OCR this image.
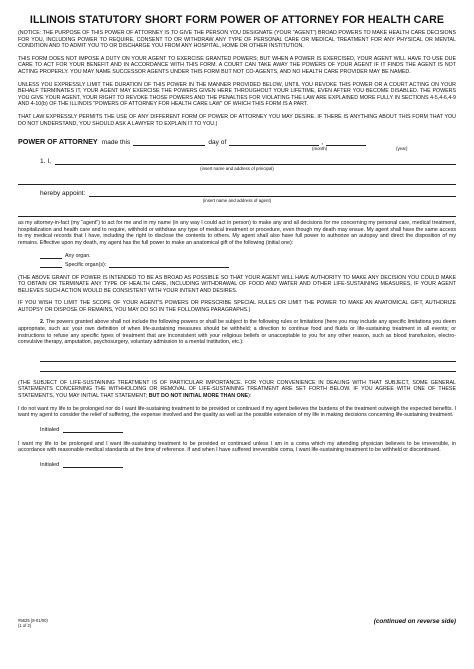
ILLINOIS STATUTORY SHORT FORM POWER OF ATTORNEY FOR HEALTH CARE

(NOTICE: THE PURPOSE OF THIS POWER OF ATTORNEY IS TO GIVE THE PERSON YOU DESIGNATE (YOUR "AGENT") BROAD POWERS TO MAKE HEALTH CARE DECISIONS FOR YOU, INCLUDING POWER TO REQUIRE, CONSENT TO OR WITHDRAW ANY TYPE OF PERSONAL CARE OR MEDICAL TREATMENT FOR ANY PHYSICAL OR MENTAL CONDITION AND TO ADMIT YOU TO OR DISCHARGE YOU FROM ANY HOSPITAL, HOME OR OTHER INSTITUTION.

THIS FORM DOES NOT IMPOSE A DUTY ON YOUR AGENT TO EXERCISE GRANTED POWERS; BUT WHEN A POWER IS EXERCISED, YOUR AGENT WILL HAVE TO USE DUE CARE TO ACT FOR YOUR BENEFIT AND IN ACCORDANCE WITH THIS FORM. A COURT CAN TAKE AWAY THE POWERS OF YOUR AGENT IF IT FINDS THE AGENT IS NOT ACTING PROPERLY. YOU MAY NAME SUCCESSOR AGENTS UNDER THIS FORM BUT NOT CO-AGENTS, AND NO HEALTH CARE PROVIDER MAY BE NAMED.

UNLESS YOU EXPRESSLY LIMIT THE DURATION OF THIS POWER IN THE MANNER PROVIDED BELOW, UNTIL YOU REVOKE THIS POWER OR A COURT ACTING ON YOUR BEHALF TERMINATES IT, YOUR AGENT MAY EXERCISE THE POWERS GIVEN HERE THROUGHOUT YOUR LIFETIME, EVEN AFTER YOU BECOME DISABLED. THE POWERS YOU GIVE YOUR AGENT, YOUR RIGHT TO REVOKE THOSE POWERS AND THE PENALTIES FOR VIOLATING THE LAW ARE EXPLAINED MORE FULLY IN SECTIONS 4-5,4-6,4-9 AND 4-10(b) OF THE ILLINOIS "POWERS OF ATTORNEY FOR HEALTH CARE LAW" OF WHICH THIS FORM IS A PART.

THAT LAW EXPRESSLY PERMITS THE USE OF ANY DIFFERENT FORM OF POWER OF ATTORNEY YOU MAY DESIRE. IF THERE IS ANYTHING ABOUT THIS FORM THAT YOU DO NOT UNDERSTAND, YOU SHOULD ASK A LAWYER TO EXPLAIN IT TO YOU.)

POWER OF ATTORNEY made this	day of	,
(month)	(year)
1. I,
(insert name and address of principal)
hereby appoint:
(insert name and address of agent)

as my attorney-in-fact (my "agent") to act for me and in my name (in any way I could act in person) to make any and all decisions for me concerning my personal care, medical treatment, hospitalization and health care and to require, withhold or withdraw any type of medical treatment or procedure, even though my death may ensue. My agent shall have the same access to my medical records that I have, including the right to disclose the contents to others. My agent shall also have full power to authorize an autopsy and direct the disposition of my remains. Effective upon my death, my agent has the full power to make an anatomical gift of the following (initial one):

Any organ.
Specific organ(s):

(THE ABOVE GRANT OF POWER IS INTENDED TO BE AS BROAD AS POSSIBLE SO THAT YOUR AGENT WILL HAVE AUTHORITY TO MAKE ANY DECISION YOU COULD MAKE TO OBTAIN OR TERMINATE ANY TYPE OF HEALTH CARE, INCLUDING WITHDRAWAL OF FOOD AND WATER AND OTHER LIFE-SUSTAINING MEASURES, IF YOUR AGENT BELIEVES SUCH ACTION WOULD BE CONSISTENT WITH YOUR INTENT AND DESIRES.

IF YOU WISH TO LIMIT THE SCOPE OF YOUR AGENT'S POWERS OR PRESCRIBE SPECIAL RULES OR LIMIT THE POWER TO MAKE AN ANATOMICAL GIFT, AUTHORIZE AUTOPSY OR DISPOSE OF REMAINS, YOU MAY DO SO IN THE FOLLOWING PARAGRAPHS.)

2. The powers granted above shall not include the following powers or shall be subject to the following rules or limitations (here you may include any specific limitations you deem appropriate, such as: your own definition of when life-sustaining measures should be withheld; a direction to continue food and fluids or life-sustaining treatment in all events; or instructions to refuse any specific types of treatment that are inconsistent with your religious beliefs or unacceptable to you for any other reason, such as blood transfusion, electro-convulsive therapy, amputation, psychosurgery, voluntary admission to a mental institution, etc.):

(THE SUBJECT OF LIFE-SUSTAINING TREATMENT IS OF PARTICULAR IMPORTANCE. FOR YOUR CONVENIENCE IN DEALING WITH THAT SUBJECT, SOME GENERAL STATEMENTS CONCERNING THE WITHHOLDING OR REMOVAL OF LIFE-SUSTAINING TREATMENT ARE SET FORTH BELOW. IF YOU AGREE WITH ONE OF THESE STATEMENTS, YOU MAY INITIAL THAT STATEMENT; BUT DO NOT INITIAL MORE THAN ONE):

I do not want my life to be prolonged nor do I want life-sustaining treatment to be provided or continued if my agent believes the burdens of the treatment outweigh the expected benefits. I want my agent to consider the relief of suffering, the expense involved and the quality as well as the possible extension of my life in making decisions concerning life-sustaining treatment.

Initialed

I want my life to be prolonged and I want life-sustaining treatment to be provided or continued unless I am in a coma which my attending physician believes to be irreversible, in accordance with reasonable medical standards at the time of reference. If and when I have suffered irreversible coma, I want life-sustaining treatment to be withheld or discontinued.

Initialed
#5625 (8-01/00)
(1 of 2)
(continued on reverse side)
